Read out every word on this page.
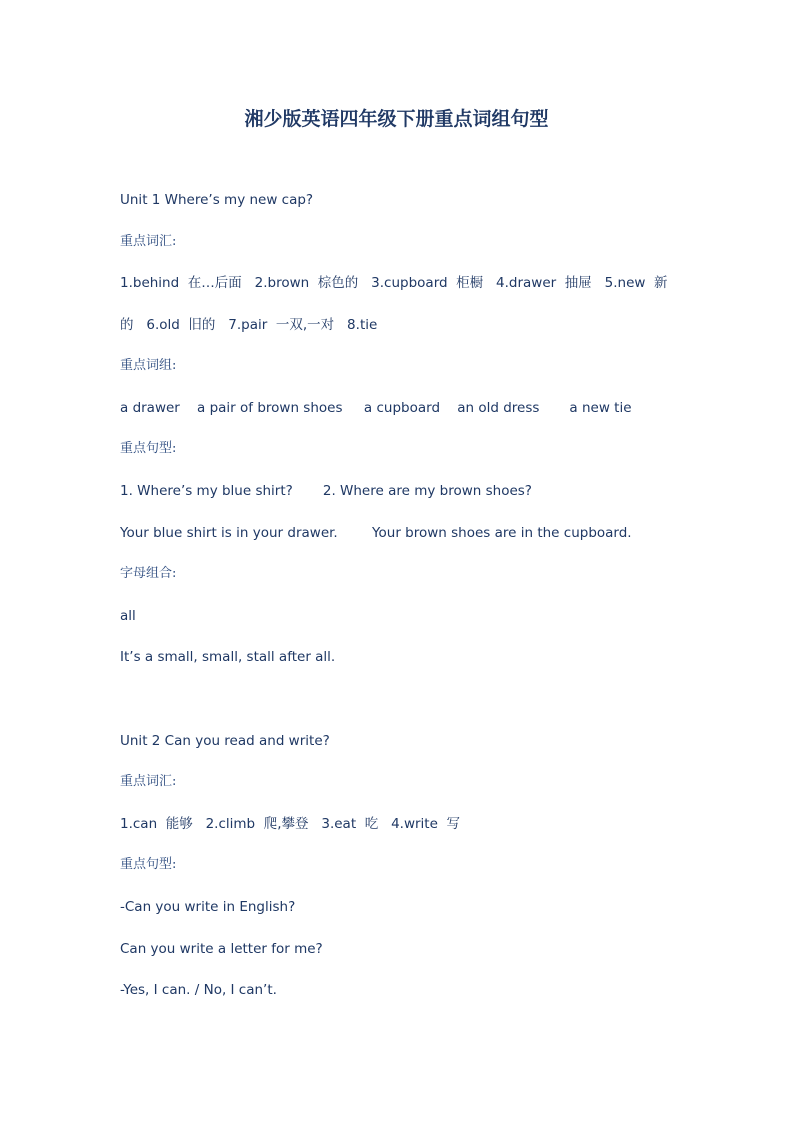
湘少版英语四年级下册重点词组句型
Unit 1 Where’s my new cap?
重点词汇:
1.behind  在…后面   2.brown  棕色的   3.cupboard  柜橱   4.drawer  抽屉   5.new  新
的   6.old  旧的   7.pair  一双,一对   8.tie
重点词组:
a drawer    a pair of brown shoes     a cupboard    an old dress       a new tie
重点句型:
1. Where’s my blue shirt?       2. Where are my brown shoes?
Your blue shirt is in your drawer.        Your brown shoes are in the cupboard.
字母组合:
all
It’s a small, small, stall after all.
Unit 2 Can you read and write?
重点词汇:
1.can  能够   2.climb  爬,攀登   3.eat  吃   4.write  写
重点句型:
-Can you write in English?
Can you write a letter for me?
-Yes, I can. / No, I can’t.
